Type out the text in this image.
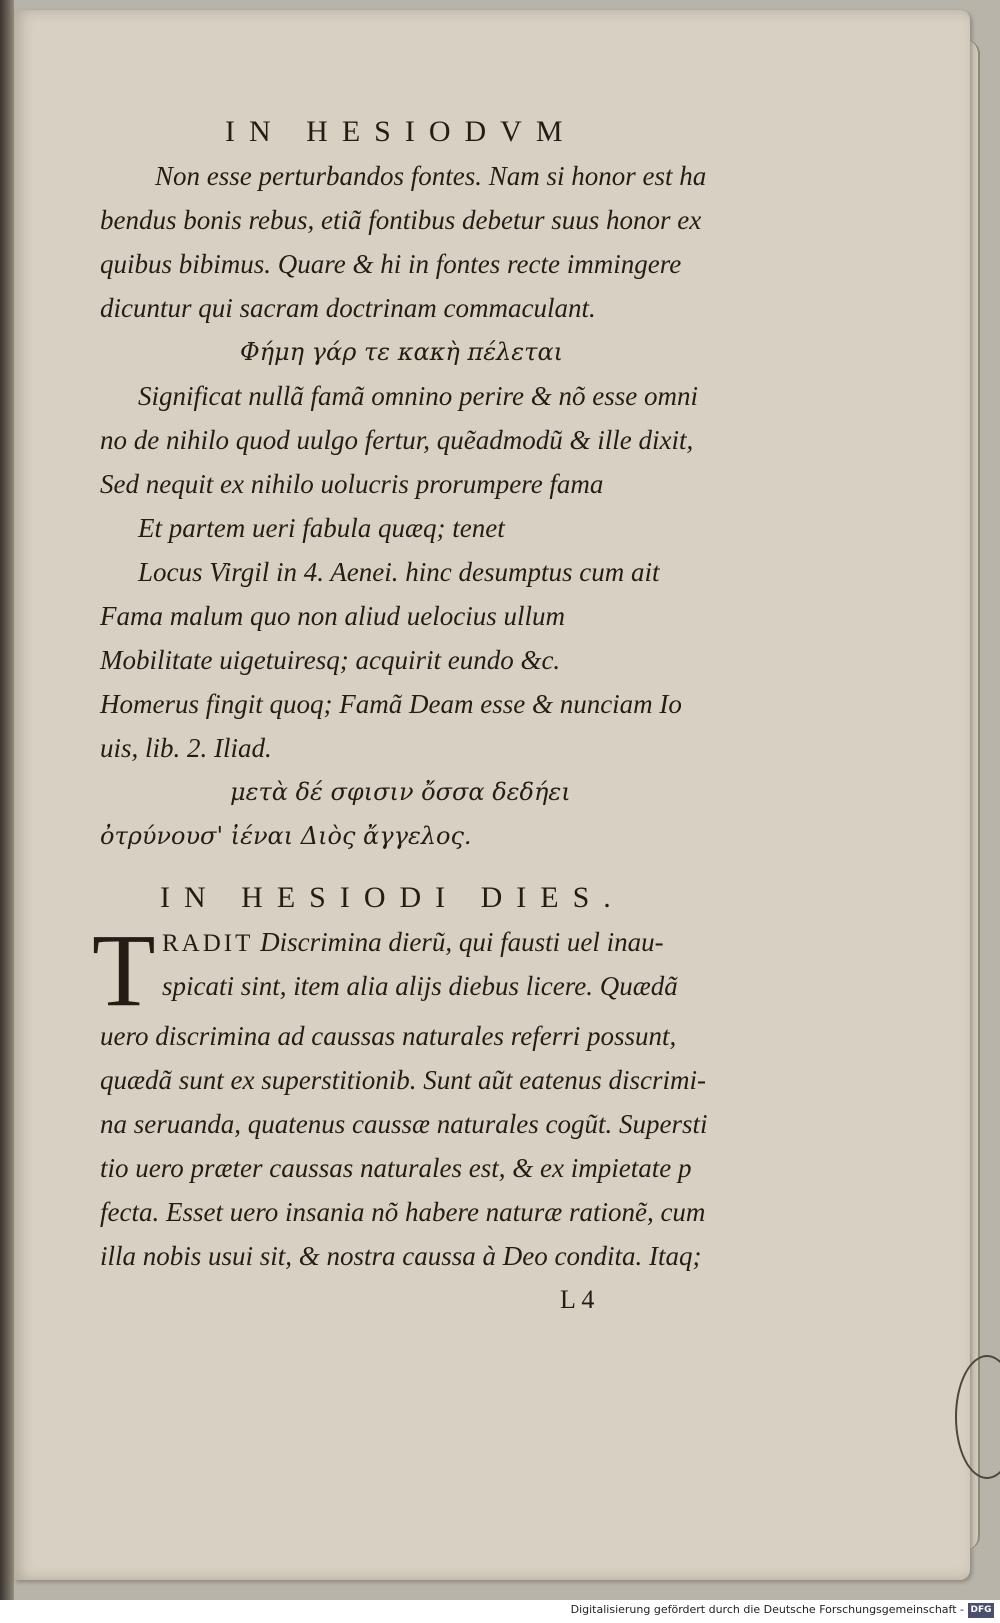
IN HESIODVM
Non esse perturbandos fontes. Nam si honor est ha
bendus bonis rebus, etiã fontibus debetur suus honor ex
quibus bibimus. Quare & hi in fontes recte immingere
dicuntur qui sacram doctrinam commaculant.
Φήμη γάρ τε κακὴ πέλεται
Significat nullã famã omnino perire & nõ esse omni
no de nihilo quod uulgo fertur, quẽadmodũ & ille dixit,
Sed nequit ex nihilo uolucris prorumpere fama
Et partem ueri fabula quæq; tenet
Locus Virgil in 4. Aenei. hinc desumptus cum ait
Fama malum quo non aliud uelocius ullum
Mobilitate uigetuiresq; acquirit eundo &c.
Homerus fingit quoq; Famã Deam esse & nunciam Io
uis, lib. 2. Iliad.
μετὰ δέ σφισιν ὄσσα δεδήει
ὀτρύνουσ' ἰέναι Διὸς ἄγγελος.
IN HESIODI DIES.
T RADIT Discrimina dierũ, qui fausti uel inau-
spicati sint, item alia alijs diebus licere. Quædã
uero discrimina ad caussas naturales referri possunt,
quædã sunt ex superstitionib. Sunt aũt eatenus discrimi-
na seruanda, quatenus caussæ naturales cogũt. Supersti
tio uero præter caussas naturales est, & ex impietate p
fecta. Esset uero insania nõ habere naturæ rationẽ, cum
illa nobis usui sit, & nostra caussa à Deo condita. Itaq;
L 4
Digitalisierung gefördert durch die Deutsche Forschungsgemeinschaft - DFG
